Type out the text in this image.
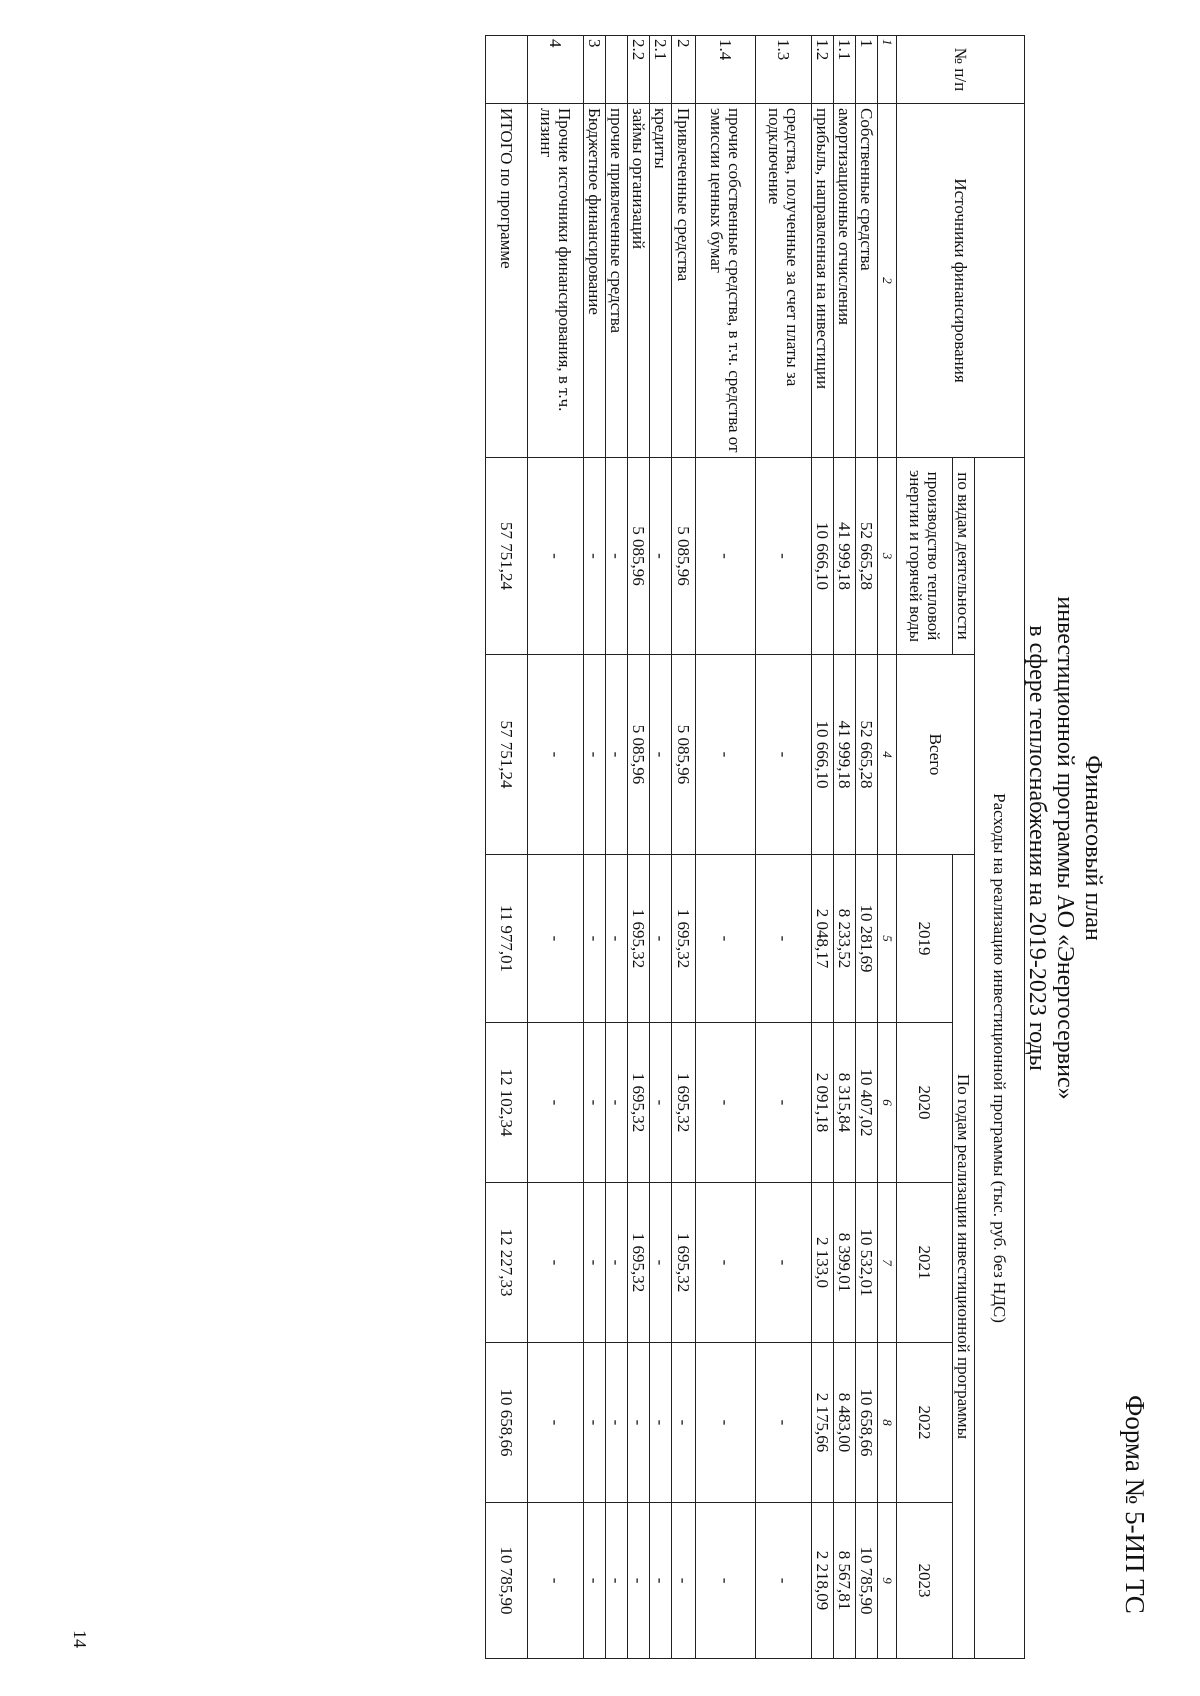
Форма № 5-ИП ТС
Финансовый план
инвестиционной программы АО «Энергосервис»
в сфере теплоснабжения на 2019-2023 годы
№ п/п	Источники финансирования	Расходы на реализацию инвестиционной программы (тыс. руб. без НДС)						
		по видам деятельности	Всего	По годам реализации инвестиционной программы				
		производство тепловой энергии и горячей воды		2019	2020	2021	2022	2023

1	2	3	4	5	6	7	8	9
1	Собственные средства	52 665,28	52 665,28	10 281,69	10 407,02	10 532,01	10 658,66	10 785,90
1.1	амортизационные отчисления	41 999,18	41 999,18	8 233,52	8 315,84	8 399,01	8 483,00	8 567,81
1.2	прибыль, направленная на инвестиции	10 666,10	10 666,10	2 048,17	2 091,18	2 133,0	2 175,66	2 218,09
1.3	средства, полученные за счет платы за подключение	-	-	-	-	-	-	-
1.4	прочие собственные средства, в т.ч. средства от эмиссии ценных бумаг	-	-	-	-	-	-	-
2	Привлеченные средства	5 085,96	5 085,96	1 695,32	1 695,32	1 695,32	-	-
2.1	кредиты	-	-	-	-	-	-	-
2.2	займы организаций	5 085,96	5 085,96	1 695,32	1 695,32	1 695,32	-	-
	прочие привлеченные средства	-	-	-	-	-	-	-
3	Бюджетное финансирование	-	-	-	-	-	-	-
4	Прочие источники финансирования, в т.ч. лизинг	-	-	-	-	-	-	-
	ИТОГО по программе	57 751,24	57 751,24	11 977,01	12 102,34	12 227,33	10 658,66	10 785,90
14
